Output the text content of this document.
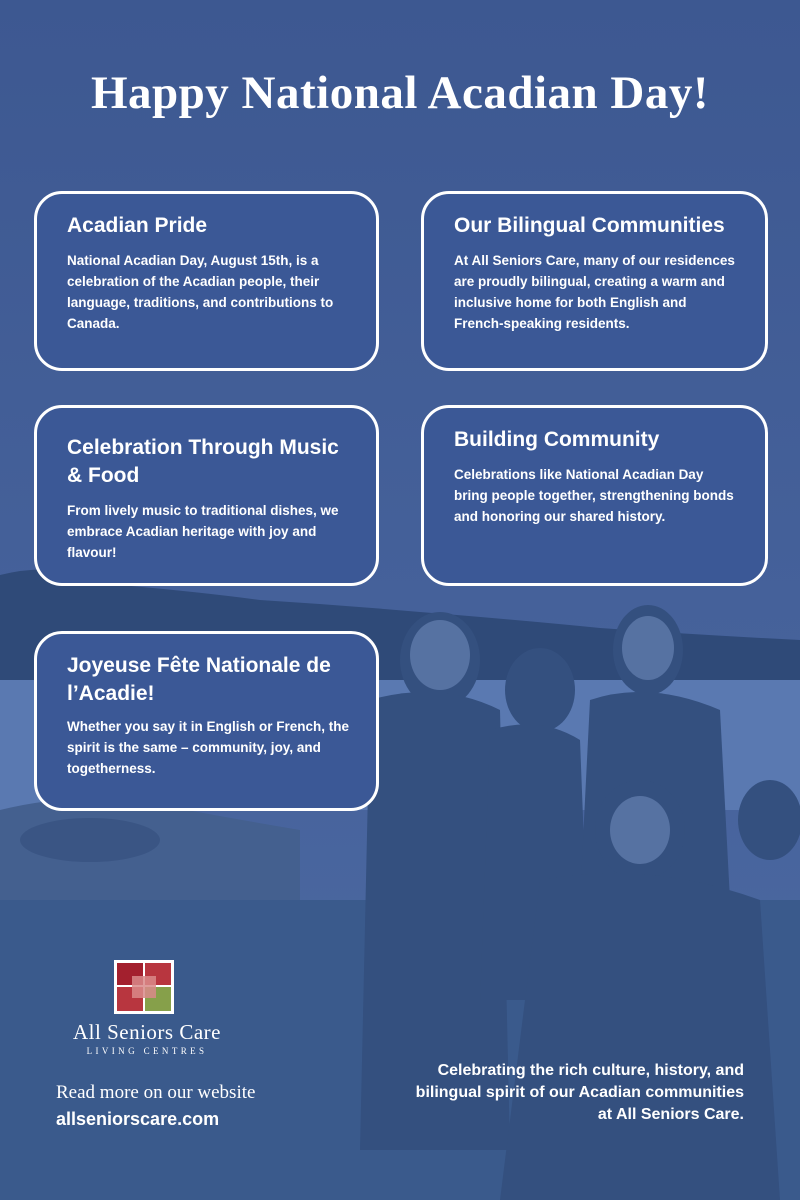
Happy National Acadian Day!
Acadian Pride

National Acadian Day, August 15th, is a celebration of the Acadian people, their language, traditions, and contributions to Canada.

Our Bilingual Communities

At All Seniors Care, many of our residences are proudly bilingual, creating a warm and inclusive home for both English and French-speaking residents.

Celebration Through Music & Food

From lively music to traditional dishes, we embrace Acadian heritage with joy and flavour!

Building Community

Celebrations like National Acadian Day bring people together, strengthening bonds and honoring our shared history.

Joyeuse Fête Nationale de l’Acadie!

Whether you say it in English or French, the spirit is the same – community, joy, and togetherness.

All Seniors Care
LIVING CENTRES
Read more on our website
allseniorscare.com
Celebrating the rich culture, history, and bilingual spirit of our Acadian communities at All Seniors Care.
